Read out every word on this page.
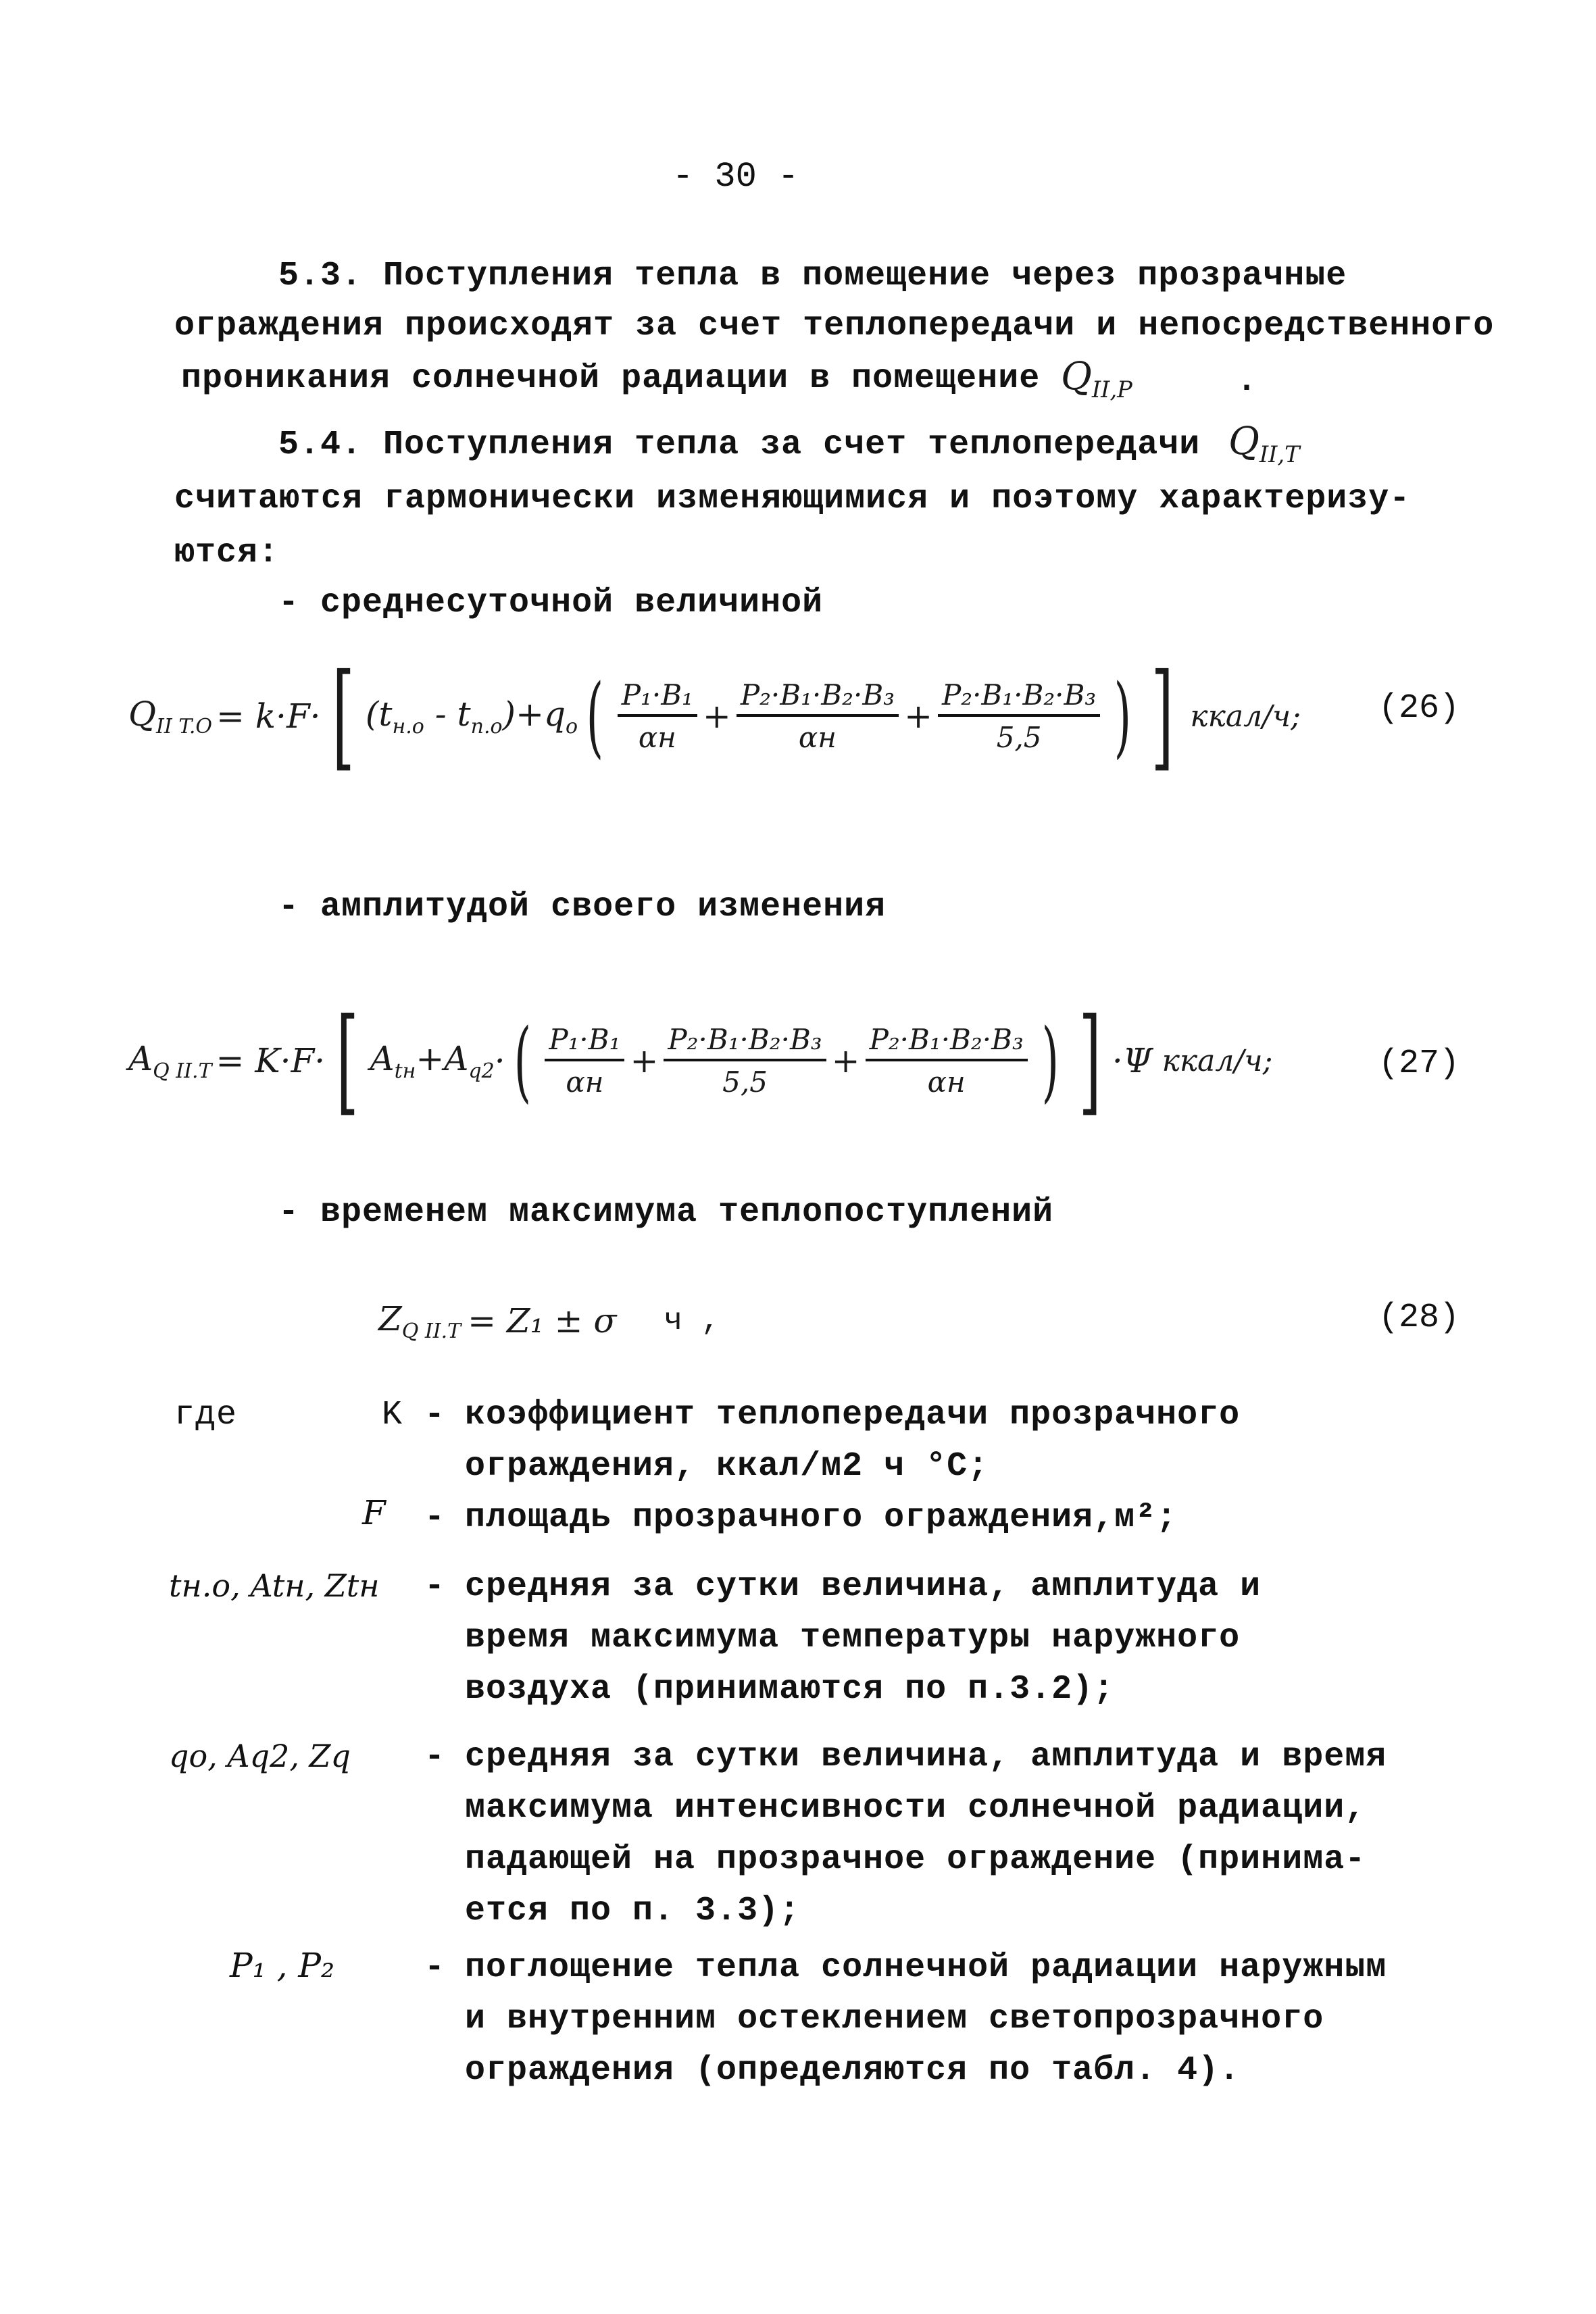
- 30 -
5.3. Поступления тепла в помещение через прозрачные
ограждения происходят за счет теплопередачи и непосредственного
проникания солнечной радиации в помещение $Q_{II,P}$	.
5.4. Поступления тепла за счет теплопередачи $Q_{II,T}$
считаются гармонически изменяющимися и поэтому характеризу-
ются:
- среднесуточной величиной
$Q_{II T.O} = k\cdot F\cdot$ [ $(t_{н.о} - t_{п.о}) +q_о$ ( $\frac{\text{P₁·B₁}}{\alpha н} + \frac{\text{P₂·B₁·B₂·B₃}}{\alpha н} + \frac{\text{P₂·B₁·B₂·B₃}}{5,5}$ ) ] ккал/ч; (26)
- амплитудой своего изменения
$A_{Q II.T} = K\cdot F\cdot$ [ $A_{tн} +A_{q2}$ · ( $\frac{\text{P₁·B₁}}{\alpha н} + \frac{\text{P₂·B₁·B₂·B₃}}{5,5} + \frac{\text{P₂·B₁·B₂·B₃}}{\alpha н}$ ) ] ·Ψ ккал/ч;	(27)
- временем максимума теплопоступлений
$Z_{Q II.T} = Z_1 \pm \sigma$ ч ,	(28)
где	K - коэффициент теплопередачи прозрачного
ограждения, ккал/м2 ч °С;
F - площадь прозрачного ограждения,м²;
tн.о, Atн, Ztн - средняя за сутки величина, амплитуда и
время максимума температуры наружного
воздуха (принимаются по п.3.2);
qо, Aq2, Zq - средняя за сутки величина, амплитуда и время
максимума интенсивности солнечной радиации,
падающей на прозрачное ограждение (принима-
ется по п. 3.3);
P₁ , P₂	- поглощение тепла солнечной радиации наружным
и внутренним остеклением светопрозрачного
ограждения (определяются по табл. 4).
